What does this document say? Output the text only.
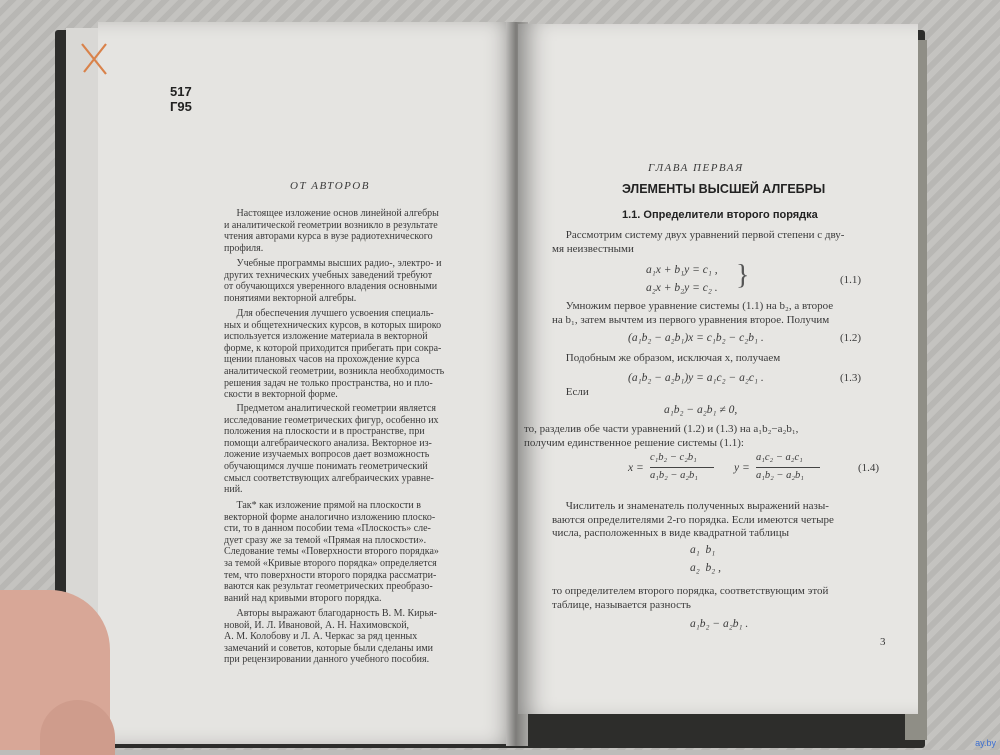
517
Г95
ОТ АВТОРОВ
Настоящее изложение основ линейной алгебры
и аналитической геометрии возникло в результате
чтения авторами курса в вузе радиотехнического
профиля.
Учебные программы высших радио-, электро- и
других технических учебных заведений требуют
от обучающихся уверенного владения основными
понятиями векторной алгебры.
Для обеспечения лучшего усвоения специаль-
ных и общетехнических курсов, в которых широко
используется изложение материала в векторной
форме, к которой приходится прибегать при сокра-
щении плановых часов на прохождение курса
аналитической геометрии, возникла необходимость
решения задач не только пространства, но и пло-
скости в векторной форме.
Предметом аналитической геометрии является
исследование геометрических фигур, особенно их
положения на плоскости и в пространстве, при
помощи алгебраического анализа. Векторное из-
ложение изучаемых вопросов дает возможность
обучающимся лучше понимать геометрический
смысл соответствующих алгебраических уравне-
ний.
Так* как изложение прямой на плоскости в
векторной форме аналогично изложению плоско-
сти, то в данном пособии тема «Плоскость» сле-
дует сразу же за темой «Прямая на плоскости».
Следование темы «Поверхности второго порядка»
за темой «Кривые второго порядка» определяется
тем, что поверхности второго порядка рассматри-
ваются как результат геометрических преобразо-
ваний над кривыми второго порядка.
Авторы выражают благодарность В. М. Кирья-
новой, И. Л. Ивановой, А. Н. Нахимовской,
А. М. Колобову и Л. А. Черкас за ряд ценных
замечаний и советов, которые были сделаны ими
при рецензировании данного учебного пособия.
ГЛАВА ПЕРВАЯ
ЭЛЕМЕНТЫ ВЫСШЕЙ АЛГЕБРЫ
1.1. Определители второго порядка
Рассмотрим систему двух уравнений первой степени с дву-
мя неизвестными
a₁x + b₁y = c₁ ,
a₂x + b₂y = c₂ . }	(1.1)
Умножим первое уравнение системы (1.1) на b₂, а второе
на b₁, затем вычтем из первого уравнения второе. Получим
(a₁b₂ − a₂b₁)x = c₁b₂ − c₂b₁ .	(1.2)
Подобным же образом, исключая x, получаем
(a₁b₂ − a₂b₁)y = a₁c₂ − a₂c₁ .	(1.3)
Если
a₁b₂ − a₂b₁ ≠ 0,
то, разделив обе части уравнений (1.2) и (1.3) на a₁b₂−a₂b₁,
получим единственное решение системы (1.1):
x =
c₁b₂ − c₂b₁
a₁b₂ − a₂b₁
y =
a₁c₂ − a₂c₁
a₁b₂ − a₂b₁
(1.4)
Числитель и знаменатель полученных выражений назы-
ваются определителями 2-го порядка. Если имеются четыре
числа, расположенных в виде квадратной таблицы
a₁  b₁
a₂  b₂ ,
то определителем второго порядка, соответствующим этой
таблице, называется разность
a₁b₂ − a₂b₁ .
3
ay.by
